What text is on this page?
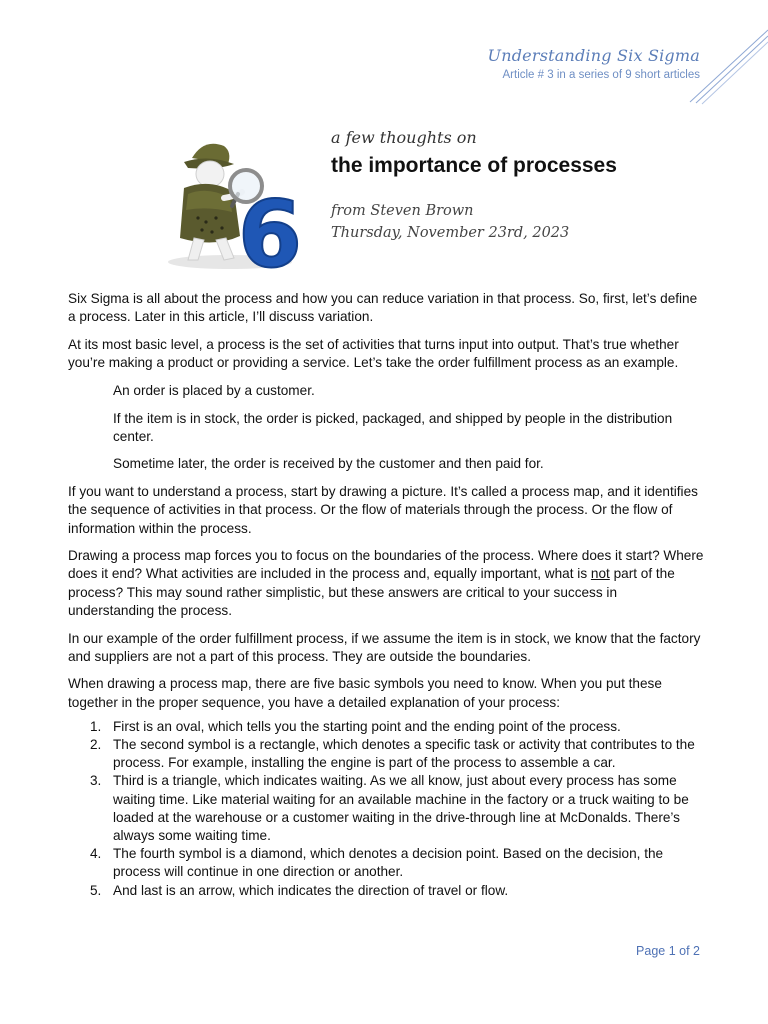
Understanding Six Sigma
Article # 3 in a series of 9 short articles
6
a few thoughts on
the importance of processes
from Steven Brown
Thursday, November 23rd, 2023

Six Sigma is all about the process and how you can reduce variation in that process. So, first, let’s define a process. Later in this article, I’ll discuss variation.

At its most basic level, a process is the set of activities that turns input into output. That’s true whether you’re making a product or providing a service. Let’s take the order fulfillment process as an example.

An order is placed by a customer.

If the item is in stock, the order is picked, packaged, and shipped by people in the distribution center.

Sometime later, the order is received by the customer and then paid for.

If you want to understand a process, start by drawing a picture. It’s called a process map, and it identifies the sequence of activities in that process. Or the flow of materials through the process. Or the flow of information within the process.

Drawing a process map forces you to focus on the boundaries of the process. Where does it start? Where does it end? What activities are included in the process and, equally important, what is not part of the process? This may sound rather simplistic, but these answers are critical to your success in understanding the process.

In our example of the order fulfillment process, if we assume the item is in stock, we know that the factory and suppliers are not a part of this process. They are outside the boundaries.

When drawing a process map, there are five basic symbols you need to know. When you put these together in the proper sequence, you have a detailed explanation of your process:

1. First is an oval, which tells you the starting point and the ending point of the process.
2. The second symbol is a rectangle, which denotes a specific task or activity that contributes to the process. For example, installing the engine is part of the process to assemble a car.
3. Third is a triangle, which indicates waiting. As we all know, just about every process has some waiting time. Like material waiting for an available machine in the factory or a truck waiting to be loaded at the warehouse or a customer waiting in the drive-through line at McDonalds. There’s always some waiting time.
4. The fourth symbol is a diamond, which denotes a decision point. Based on the decision, the process will continue in one direction or another.
5. And last is an arrow, which indicates the direction of travel or flow.
Page 1 of 2
